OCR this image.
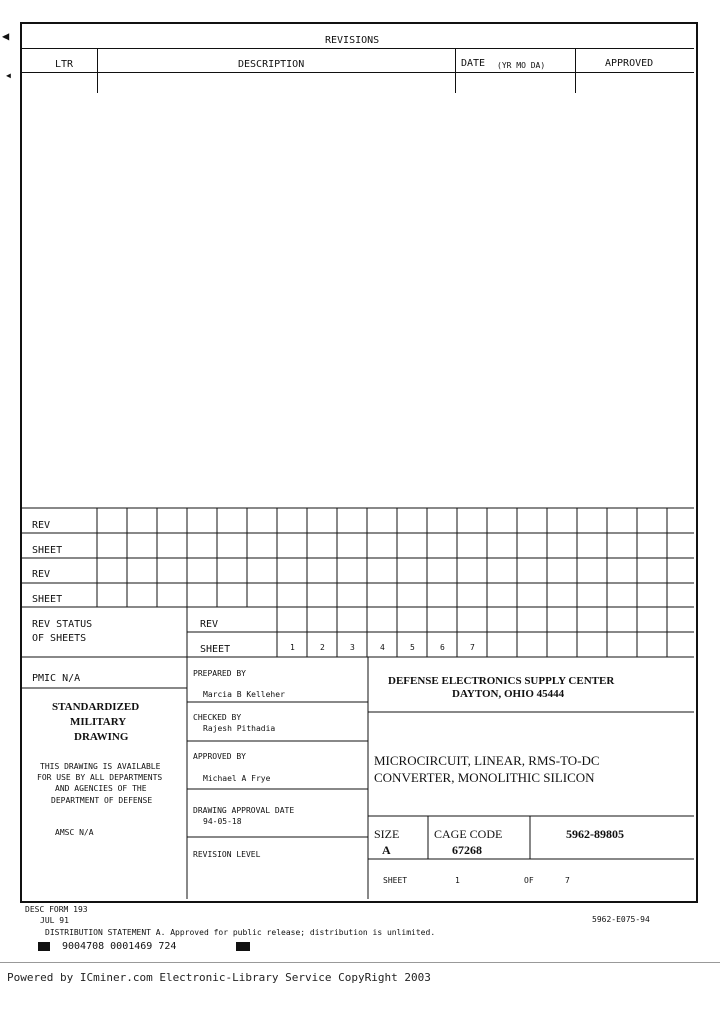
◀
◀
REVISIONS
LTR	DESCRIPTION	DATE (YR MO DA)	APPROVED
REV
SHEET
REV
SHEET
REV STATUS
OF SHEETS
REV
SHEET	1	2	3	4	5	6	7
PMIC N/A
STANDARDIZED
MILITARY
DRAWING
THIS DRAWING IS AVAILABLE
FOR USE BY ALL DEPARTMENTS
AND AGENCIES OF THE
DEPARTMENT OF DEFENSE
AMSC N/A
PREPARED BY
Marcia B Kelleher
CHECKED BY
Rajesh Pithadia
APPROVED BY
Michael A Frye
DRAWING APPROVAL DATE
94-05-18
REVISION LEVEL
DEFENSE ELECTRONICS SUPPLY CENTER
DAYTON, OHIO 45444
MICROCIRCUIT, LINEAR, RMS-TO-DC
CONVERTER, MONOLITHIC SILICON
SIZE
A
CAGE CODE
67268
5962-89805
SHEET	1	OF	7
DESC FORM 193
JUL 91	5962-E075-94
DISTRIBUTION STATEMENT A. Approved for public release; distribution is unlimited.
9004708 0001469 724
Powered by ICminer.com Electronic-Library Service CopyRight 2003
